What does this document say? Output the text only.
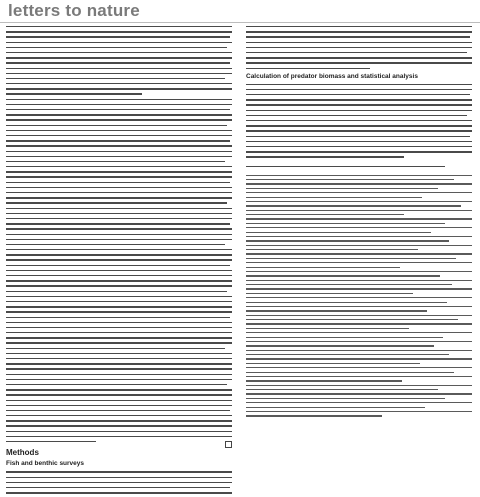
letters to nature
Methods
Fish and benthic surveys
Calculation of predator biomass and statistical analysis
